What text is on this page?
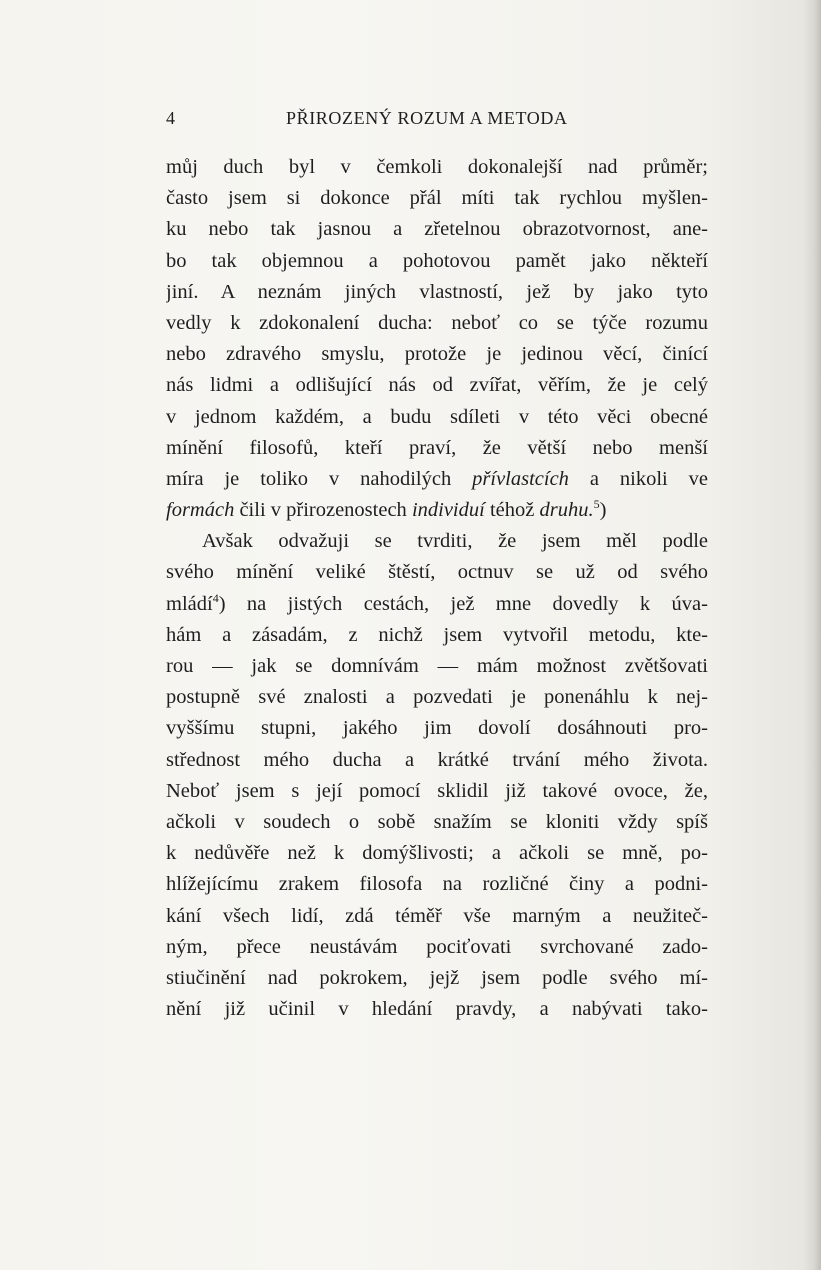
4	PŘIROZENÝ ROZUM A METODA
můj duch byl v čemkoli dokonalejší nad průměr;
často jsem si dokonce přál míti tak rychlou myšlen-
ku nebo tak jasnou a zřetelnou obrazotvornost, ane-
bo tak objemnou a pohotovou pamět jako někteří
jiní. A neznám jiných vlastností, jež by jako tyto
vedly k zdokonalení ducha: neboť co se týče rozumu
nebo zdravého smyslu, protože je jedinou věcí, činící
nás lidmi a odlišující nás od zvířat, věřím, že je celý
v jednom každém, a budu sdíleti v této věci obecné
mínění filosofů, kteří praví, že větší nebo menší
míra je toliko v nahodilých přívlastcích a nikoli ve
formách čili v přirozenostech individuí téhož druhu.$^5$)
Avšak odvažuji se tvrditi, že jsem měl podle
svého mínění veliké štěstí, octnuv se už od svého
mládí$^4$) na jistých cestách, jež mne dovedly k úva-
hám a zásadám, z nichž jsem vytvořil metodu, kte-
rou — jak se domnívám — mám možnost zvětšovati
postupně své znalosti a pozvedati je ponenáhlu k nej-
vyššímu stupni, jakého jim dovolí dosáhnouti pro-
střednost mého ducha a krátké trvání mého života.
Neboť jsem s její pomocí sklidil již takové ovoce, že,
ačkoli v soudech o sobě snažím se kloniti vždy spíš
k nedůvěře než k domýšlivosti; a ačkoli se mně, po-
hlížejícímu zrakem filosofa na rozličné činy a podni-
kání všech lidí, zdá téměř vše marným a neužiteč-
ným, přece neustávám pociťovati svrchované zado-
stiučinění nad pokrokem, jejž jsem podle svého mí-
nění již učinil v hledání pravdy, a nabývati tako-
